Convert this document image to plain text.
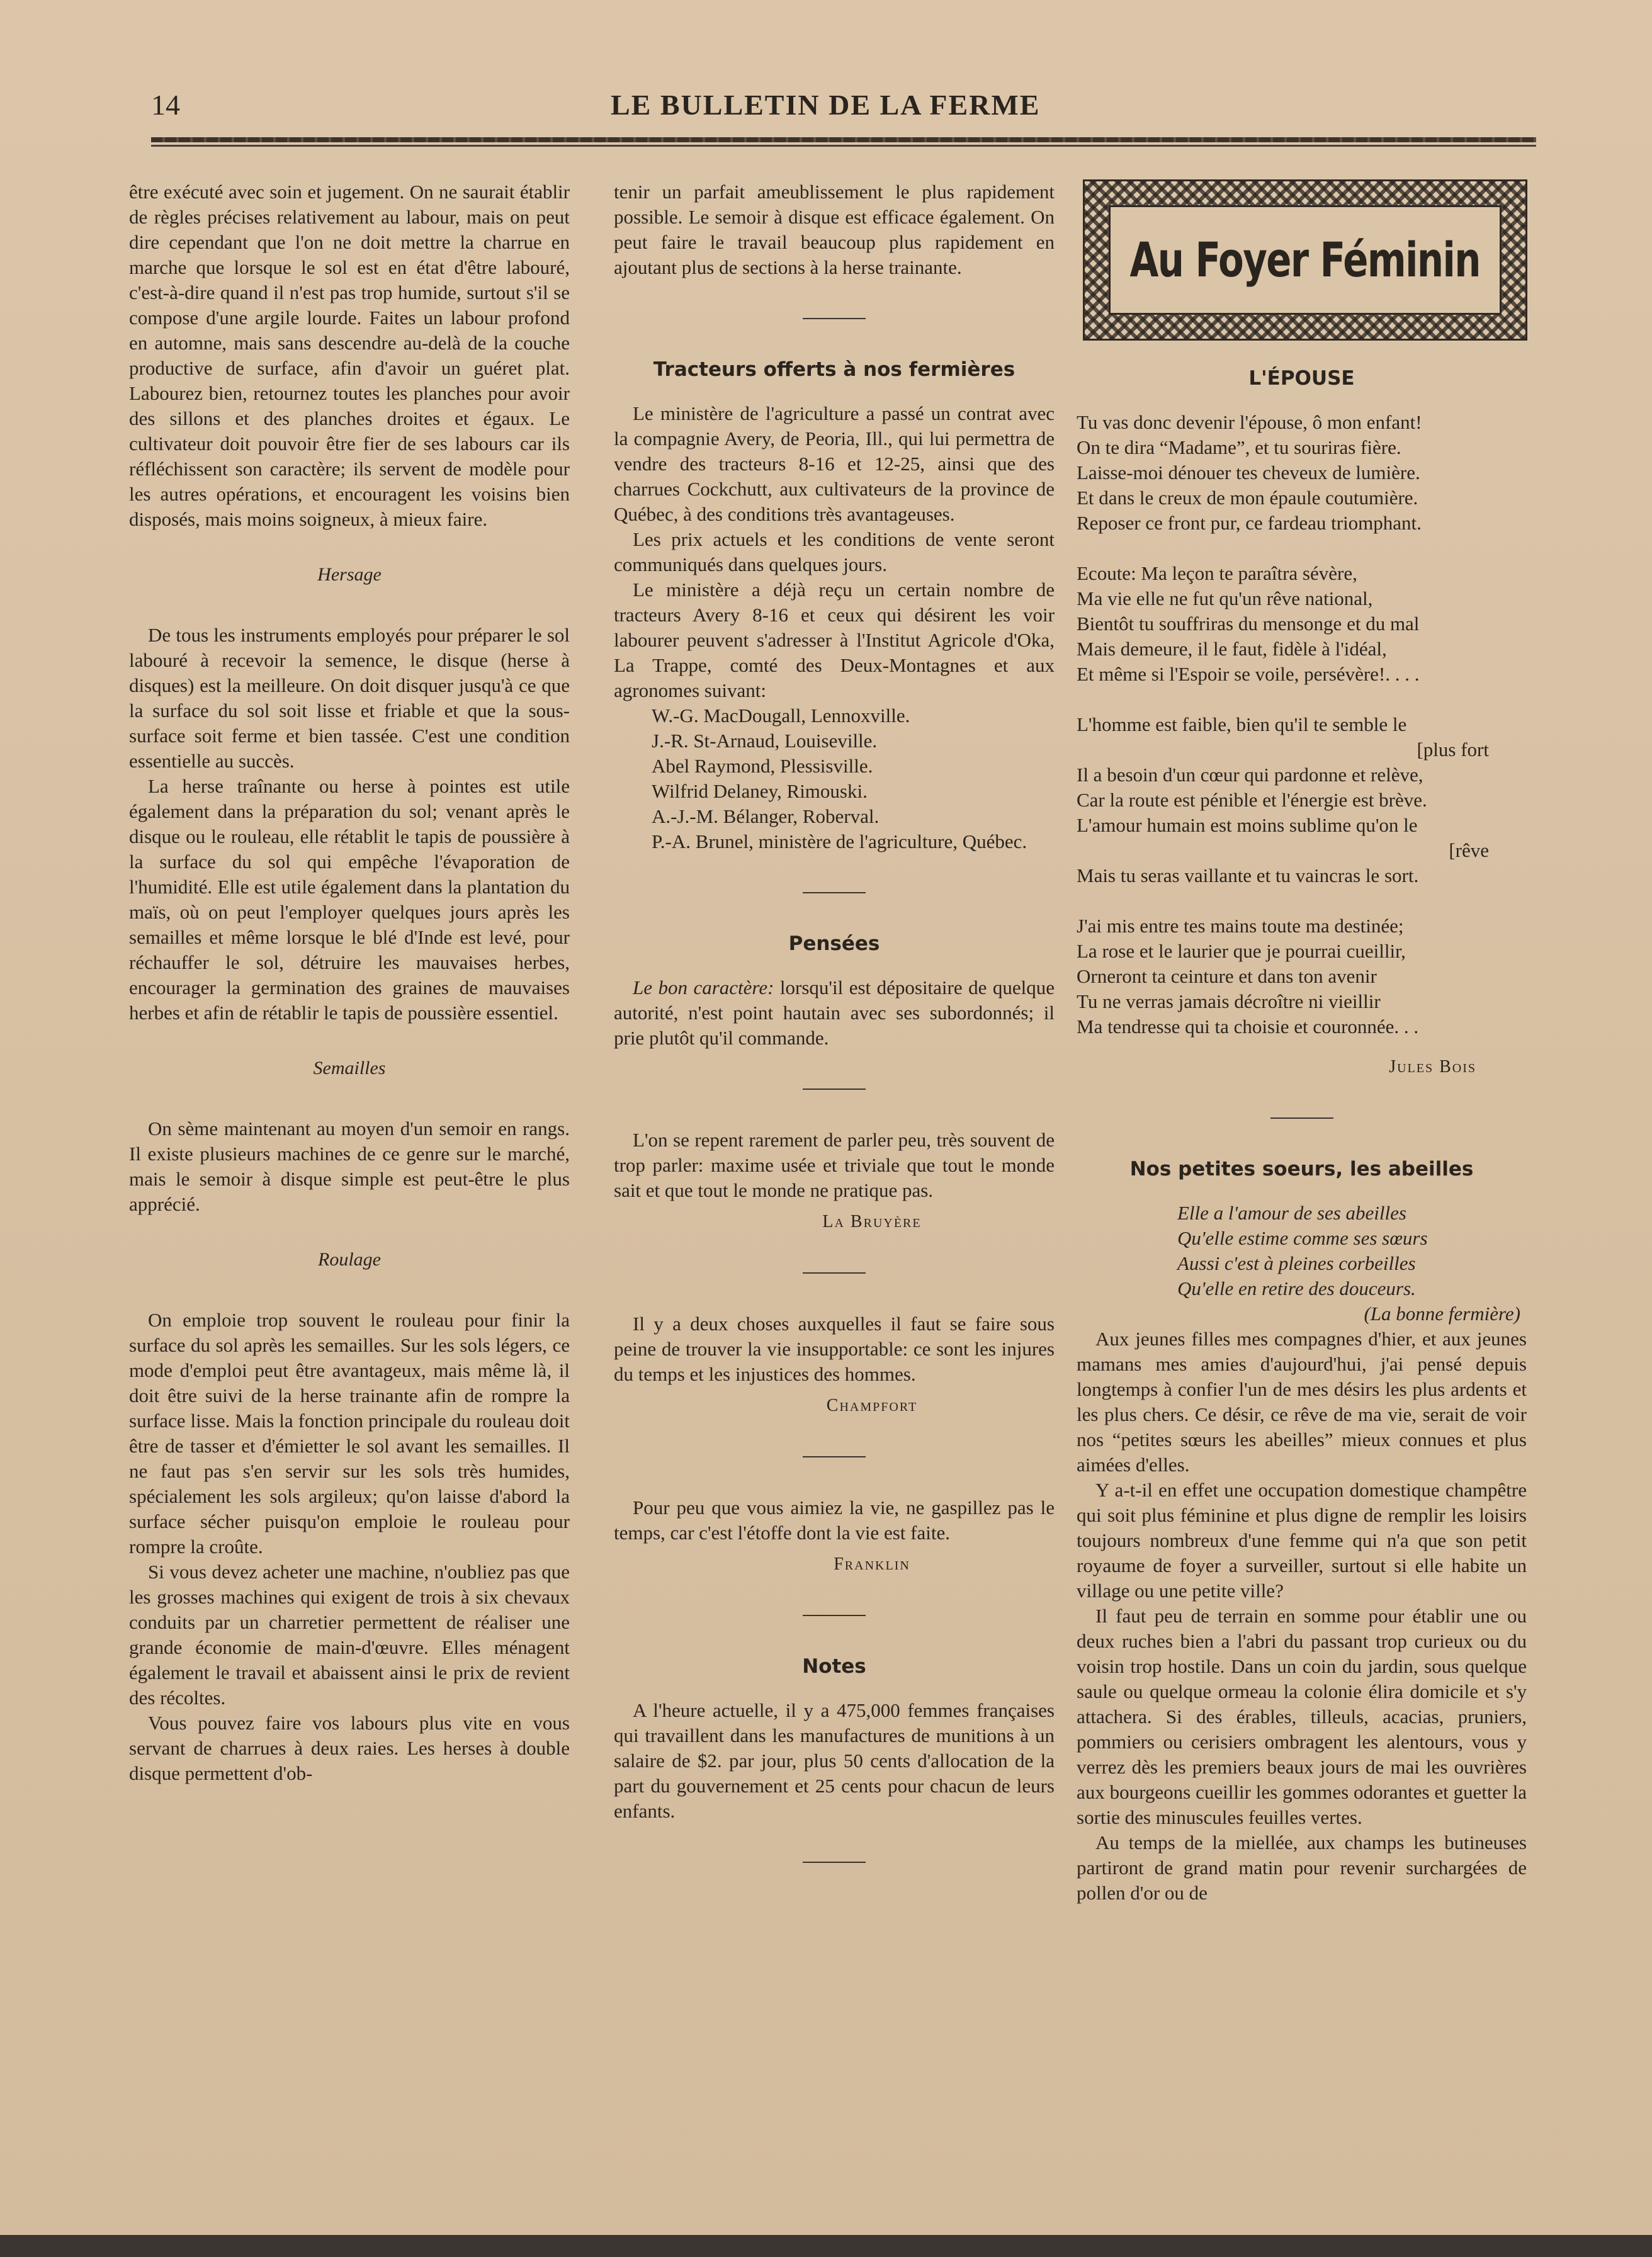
14	LE BULLETIN DE LA FERME

être exécuté avec soin et jugement. On ne saurait établir de règles précises relativement au labour, mais on peut dire cependant que l'on ne doit mettre la charrue en marche que lorsque le sol est en état d'être labouré, c'est-à-dire quand il n'est pas trop humide, surtout s'il se compose d'une argile lourde. Faites un labour profond en automne, mais sans descendre au-delà de la couche productive de surface, afin d'avoir un guéret plat. Labourez bien, retournez toutes les planches pour avoir des sillons et des planches droites et égaux. Le cultivateur doit pouvoir être fier de ses labours car ils réfléchissent son caractère; ils servent de modèle pour les autres opérations, et encouragent les voisins bien disposés, mais moins soigneux, à mieux faire.

Hersage

De tous les instruments employés pour préparer le sol labouré à recevoir la semence, le disque (herse à disques) est la meilleure. On doit disquer jusqu'à ce que la surface du sol soit lisse et friable et que la sous-surface soit ferme et bien tassée. C'est une condition essentielle au succès.

La herse traînante ou herse à pointes est utile également dans la préparation du sol; venant après le disque ou le rouleau, elle rétablit le tapis de poussière à la surface du sol qui empêche l'évaporation de l'humidité. Elle est utile également dans la plantation du maïs, où on peut l'employer quelques jours après les semailles et même lorsque le blé d'Inde est levé, pour réchauffer le sol, détruire les mauvaises herbes, encourager la germination des graines de mauvaises herbes et afin de rétablir le tapis de poussière essentiel.

Semailles

On sème maintenant au moyen d'un semoir en rangs. Il existe plusieurs machines de ce genre sur le marché, mais le semoir à disque simple est peut-être le plus apprécié.

Roulage

On emploie trop souvent le rouleau pour finir la surface du sol après les semailles. Sur les sols légers, ce mode d'emploi peut être avantageux, mais même là, il doit être suivi de la herse trainante afin de rompre la surface lisse. Mais la fonction principale du rouleau doit être de tasser et d'émietter le sol avant les semailles. Il ne faut pas s'en servir sur les sols très humides, spécialement les sols argileux; qu'on laisse d'abord la surface sécher puisqu'on emploie le rouleau pour rompre la croûte.

Si vous devez acheter une machine, n'oubliez pas que les grosses machines qui exigent de trois à six chevaux conduits par un charretier permettent de réaliser une grande économie de main-d'œuvre. Elles ménagent également le travail et abaissent ainsi le prix de revient des récoltes.

Vous pouvez faire vos labours plus vite en vous servant de charrues à deux raies. Les herses à double disque permettent d'ob-

tenir un parfait ameublissement le plus rapidement possible. Le semoir à disque est efficace également. On peut faire le travail beaucoup plus rapidement en ajoutant plus de sections à la herse trainante.

Tracteurs offerts à nos fermières

Le ministère de l'agriculture a passé un contrat avec la compagnie Avery, de Peoria, Ill., qui lui permettra de vendre des tracteurs 8-16 et 12-25, ainsi que des charrues Cockchutt, aux cultivateurs de la province de Québec, à des conditions très avantageuses.

Les prix actuels et les conditions de vente seront communiqués dans quelques jours.

Le ministère a déjà reçu un certain nombre de tracteurs Avery 8-16 et ceux qui désirent les voir labourer peuvent s'adresser à l'Institut Agricole d'Oka, La Trappe, comté des Deux-Montagnes et aux agronomes suivant:

W.-G. MacDougall, Lennoxville.

J.-R. St-Arnaud, Louiseville.

Abel Raymond, Plessisville.

Wilfrid Delaney, Rimouski.

A.-J.-M. Bélanger, Roberval.

P.-A. Brunel, ministère de l'agriculture, Québec.

Pensées

Le bon caractère: lorsqu'il est dépositaire de quelque autorité, n'est point hautain avec ses subordonnés; il prie plutôt qu'il commande.

L'on se repent rarement de parler peu, très souvent de trop parler: maxime usée et triviale que tout le monde sait et que tout le monde ne pratique pas.

La Bruyère

Il y a deux choses auxquelles il faut se faire sous peine de trouver la vie insupportable: ce sont les injures du temps et les injustices des hommes.

Champfort

Pour peu que vous aimiez la vie, ne gaspillez pas le temps, car c'est l'étoffe dont la vie est faite.

Franklin
Notes

A l'heure actuelle, il y a 475,000 femmes françaises qui travaillent dans les manufactures de munitions à un salaire de $2. par jour, plus 50 cents d'allocation de la part du gouvernement et 25 cents pour chacun de leurs enfants.

Au Foyer Féminin
L'ÉPOUSE

Tu vas donc devenir l'épouse, ô mon enfant!

On te dira “Madame”, et tu souriras fière.

Laisse-moi dénouer tes cheveux de lumière.

Et dans le creux de mon épaule coutumière.

Reposer ce front pur, ce fardeau triomphant.

Ecoute: Ma leçon te paraîtra sévère,

Ma vie elle ne fut qu'un rêve national,

Bientôt tu souffriras du mensonge et du mal

Mais demeure, il le faut, fidèle à l'idéal,

Et même si l'Espoir se voile, persévère!. . . .

L'homme est faible, bien qu'il te semble le

[plus fort

Il a besoin d'un cœur qui pardonne et relève,

Car la route est pénible et l'énergie est brève.

L'amour humain est moins sublime qu'on le

[rêve

Mais tu seras vaillante et tu vaincras le sort.

J'ai mis entre tes mains toute ma destinée;

La rose et le laurier que je pourrai cueillir,

Orneront ta ceinture et dans ton avenir

Tu ne verras jamais décroître ni vieillir

Ma tendresse qui ta choisie et couronnée. . .

Jules Bois
Nos petites soeurs, les abeilles

Elle a l'amour de ses abeilles

Qu'elle estime comme ses sœurs

Aussi c'est à pleines corbeilles

Qu'elle en retire des douceurs.

(La bonne fermière)

Aux jeunes filles mes compagnes d'hier, et aux jeunes mamans mes amies d'aujourd'hui, j'ai pensé depuis longtemps à confier l'un de mes désirs les plus ardents et les plus chers. Ce désir, ce rêve de ma vie, serait de voir nos “petites sœurs les abeilles” mieux connues et plus aimées d'elles.

Y a-t-il en effet une occupation domestique champêtre qui soit plus féminine et plus digne de remplir les loisirs toujours nombreux d'une femme qui n'a que son petit royaume de foyer a surveiller, surtout si elle habite un village ou une petite ville?

Il faut peu de terrain en somme pour établir une ou deux ruches bien a l'abri du passant trop curieux ou du voisin trop hostile. Dans un coin du jardin, sous quelque saule ou quelque ormeau la colonie élira domicile et s'y attachera. Si des érables, tilleuls, acacias, pruniers, pommiers ou cerisiers ombragent les alentours, vous y verrez dès les premiers beaux jours de mai les ouvrières aux bourgeons cueillir les gommes odorantes et guetter la sortie des minuscules feuilles vertes.

Au temps de la miellée, aux champs les butineuses partiront de grand matin pour revenir surchargées de pollen d'or ou de
